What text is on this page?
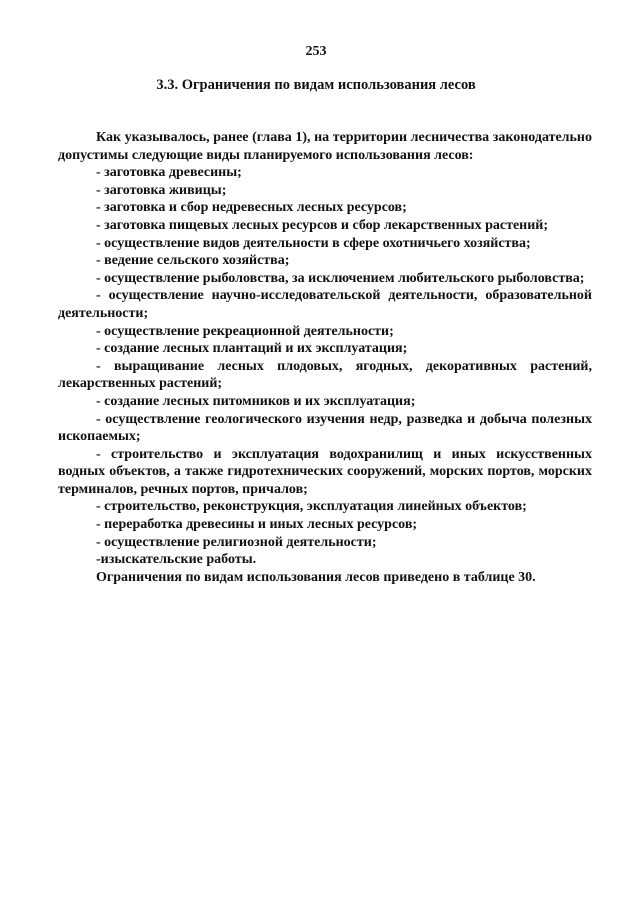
253
3.3. Ограничения по видам использования лесов

Как указывалось, ранее (глава 1), на территории лесничества законодательно допустимы следующие виды планируемого использования лесов:

- заготовка древесины;

- заготовка живицы;

- заготовка и сбор недревесных лесных ресурсов;

- заготовка пищевых лесных ресурсов и сбор лекарственных растений;

- осуществление видов деятельности в сфере охотничьего хозяйства;

- ведение сельского хозяйства;

- осуществление рыболовства, за исключением любительского рыболовства;

- осуществление научно-исследовательской деятельности, образовательной деятельности;

- осуществление рекреационной деятельности;

- создание лесных плантаций и их эксплуатация;

- выращивание лесных плодовых, ягодных, декоративных растений, лекарственных растений;

- создание лесных питомников и их эксплуатация;

- осуществление геологического изучения недр, разведка и добыча полезных ископаемых;

- строительство и эксплуатация водохранилищ и иных искусственных водных объектов, а также гидротехнических сооружений, морских портов, морских терминалов, речных портов, причалов;

- строительство, реконструкция, эксплуатация линейных объектов;

- переработка древесины и иных лесных ресурсов;

- осуществление религиозной деятельности;

-изыскательские работы.

Ограничения по видам использования лесов приведено в таблице 30.
